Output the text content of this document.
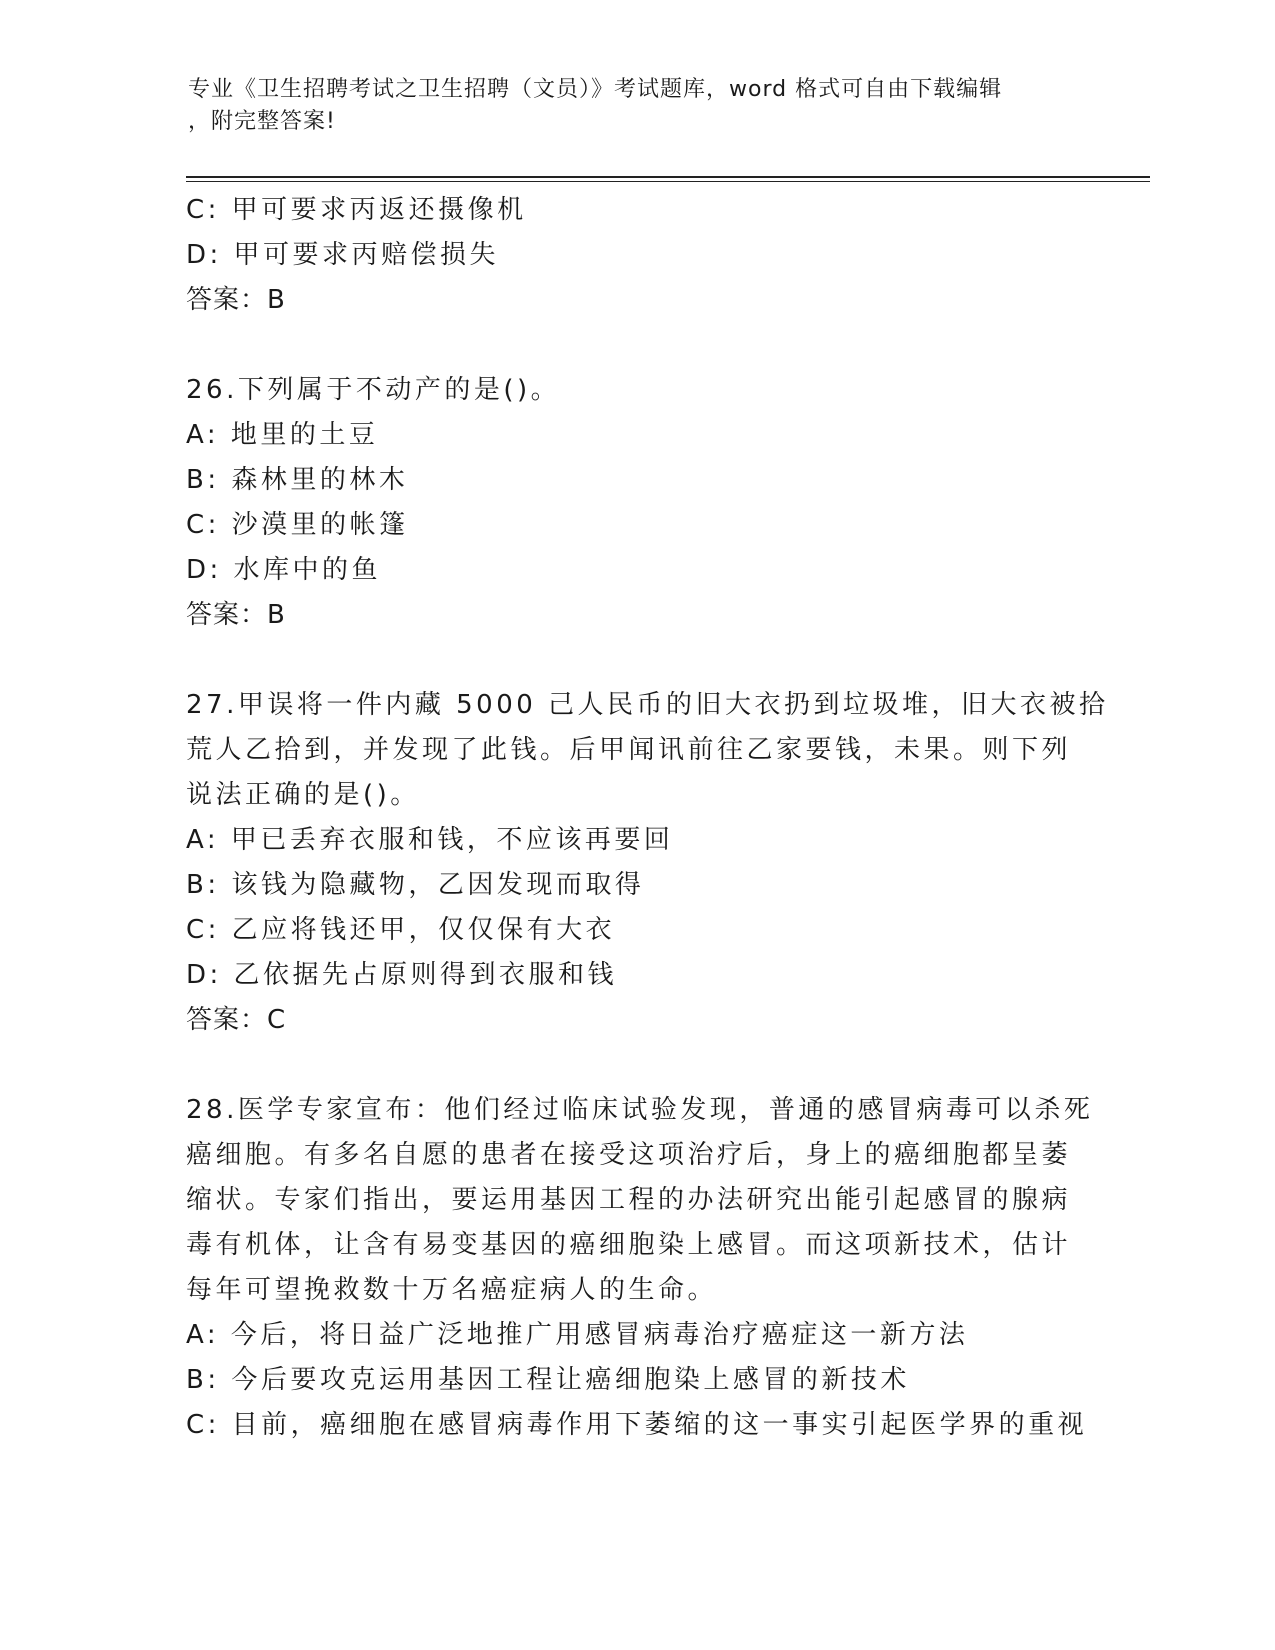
专业《卫生招聘考试之卫生招聘（文员）》考试题库，word 格式可自由下载编辑
，附完整答案!
C: 甲可要求丙返还摄像机
D: 甲可要求丙赔偿损失
答案：B
26.下列属于不动产的是()。
A: 地里的土豆
B: 森林里的林木
C: 沙漠里的帐篷
D: 水库中的鱼
答案：B
27.甲误将一件内藏 5000 己人民币的旧大衣扔到垃圾堆，旧大衣被拾
荒人乙拾到，并发现了此钱。后甲闻讯前往乙家要钱，未果。则下列
说法正确的是()。
A: 甲已丢弃衣服和钱，不应该再要回
B: 该钱为隐藏物，乙因发现而取得
C: 乙应将钱还甲，仅仅保有大衣
D: 乙依据先占原则得到衣服和钱
答案：C
28.医学专家宣布：他们经过临床试验发现，普通的感冒病毒可以杀死
癌细胞。有多名自愿的患者在接受这项治疗后，身上的癌细胞都呈萎
缩状。专家们指出，要运用基因工程的办法研究出能引起感冒的腺病
毒有机体，让含有易变基因的癌细胞染上感冒。而这项新技术，估计
每年可望挽救数十万名癌症病人的生命。
A: 今后，将日益广泛地推广用感冒病毒治疗癌症这一新方法
B: 今后要攻克运用基因工程让癌细胞染上感冒的新技术
C: 目前，癌细胞在感冒病毒作用下萎缩的这一事实引起医学界的重视
